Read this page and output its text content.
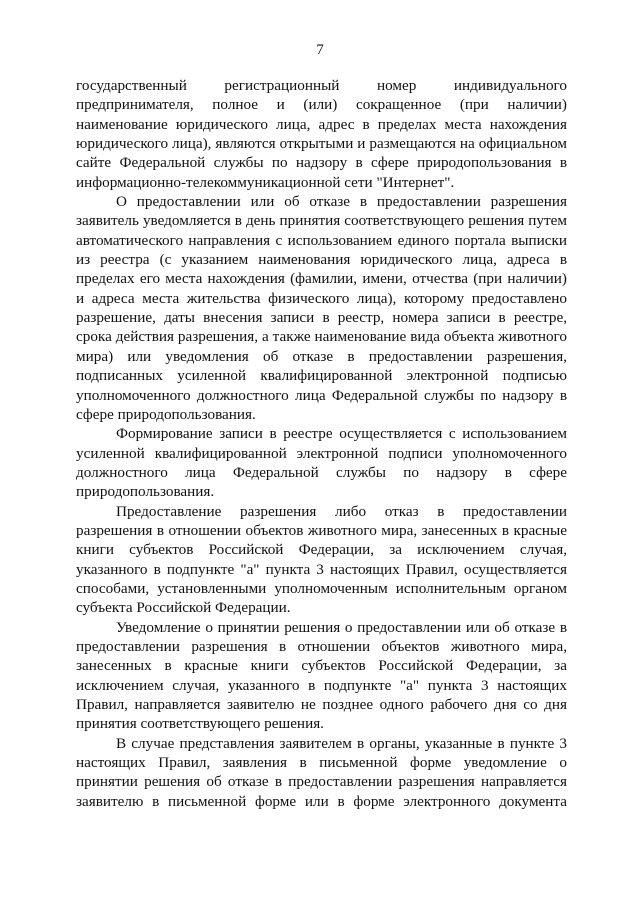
7

государственный регистрационный номер индивидуального предпринимателя, полное и (или) сокращенное (при наличии) наименование юридического лица, адрес в пределах места нахождения юридического лица), являются открытыми и размещаются на официальном сайте Федеральной службы по надзору в сфере природопользования в информационно-телекоммуникационной сети "Интернет".

О предоставлении или об отказе в предоставлении разрешения заявитель уведомляется в день принятия соответствующего решения путем автоматического направления с использованием единого портала выписки из реестра (с указанием наименования юридического лица, адреса в пределах его места нахождения (фамилии, имени, отчества (при наличии) и адреса места жительства физического лица), которому предоставлено разрешение, даты внесения записи в реестр, номера записи в реестре, срока действия разрешения, а также наименование вида объекта животного мира) или уведомления об отказе в предоставлении разрешения, подписанных усиленной квалифицированной электронной подписью уполномоченного должностного лица Федеральной службы по надзору в сфере природопользования.

Формирование записи в реестре осуществляется с использованием усиленной квалифицированной электронной подписи уполномоченного должностного лица Федеральной службы по надзору в сфере природопользования.

Предоставление разрешения либо отказ в предоставлении разрешения в отношении объектов животного мира, занесенных в красные книги субъектов Российской Федерации, за исключением случая, указанного в подпункте "а" пункта 3 настоящих Правил, осуществляется способами, установленными уполномоченным исполнительным органом субъекта Российской Федерации.

Уведомление о принятии решения о предоставлении или об отказе в предоставлении разрешения в отношении объектов животного мира, занесенных в красные книги субъектов Российской Федерации, за исключением случая, указанного в подпункте "а" пункта 3 настоящих Правил, направляется заявителю не позднее одного рабочего дня со дня принятия соответствующего решения.

В случае представления заявителем в органы, указанные в пункте 3 настоящих Правил, заявления в письменной форме уведомление о принятии решения об отказе в предоставлении разрешения направляется заявителю в письменной форме или в форме электронного документа
